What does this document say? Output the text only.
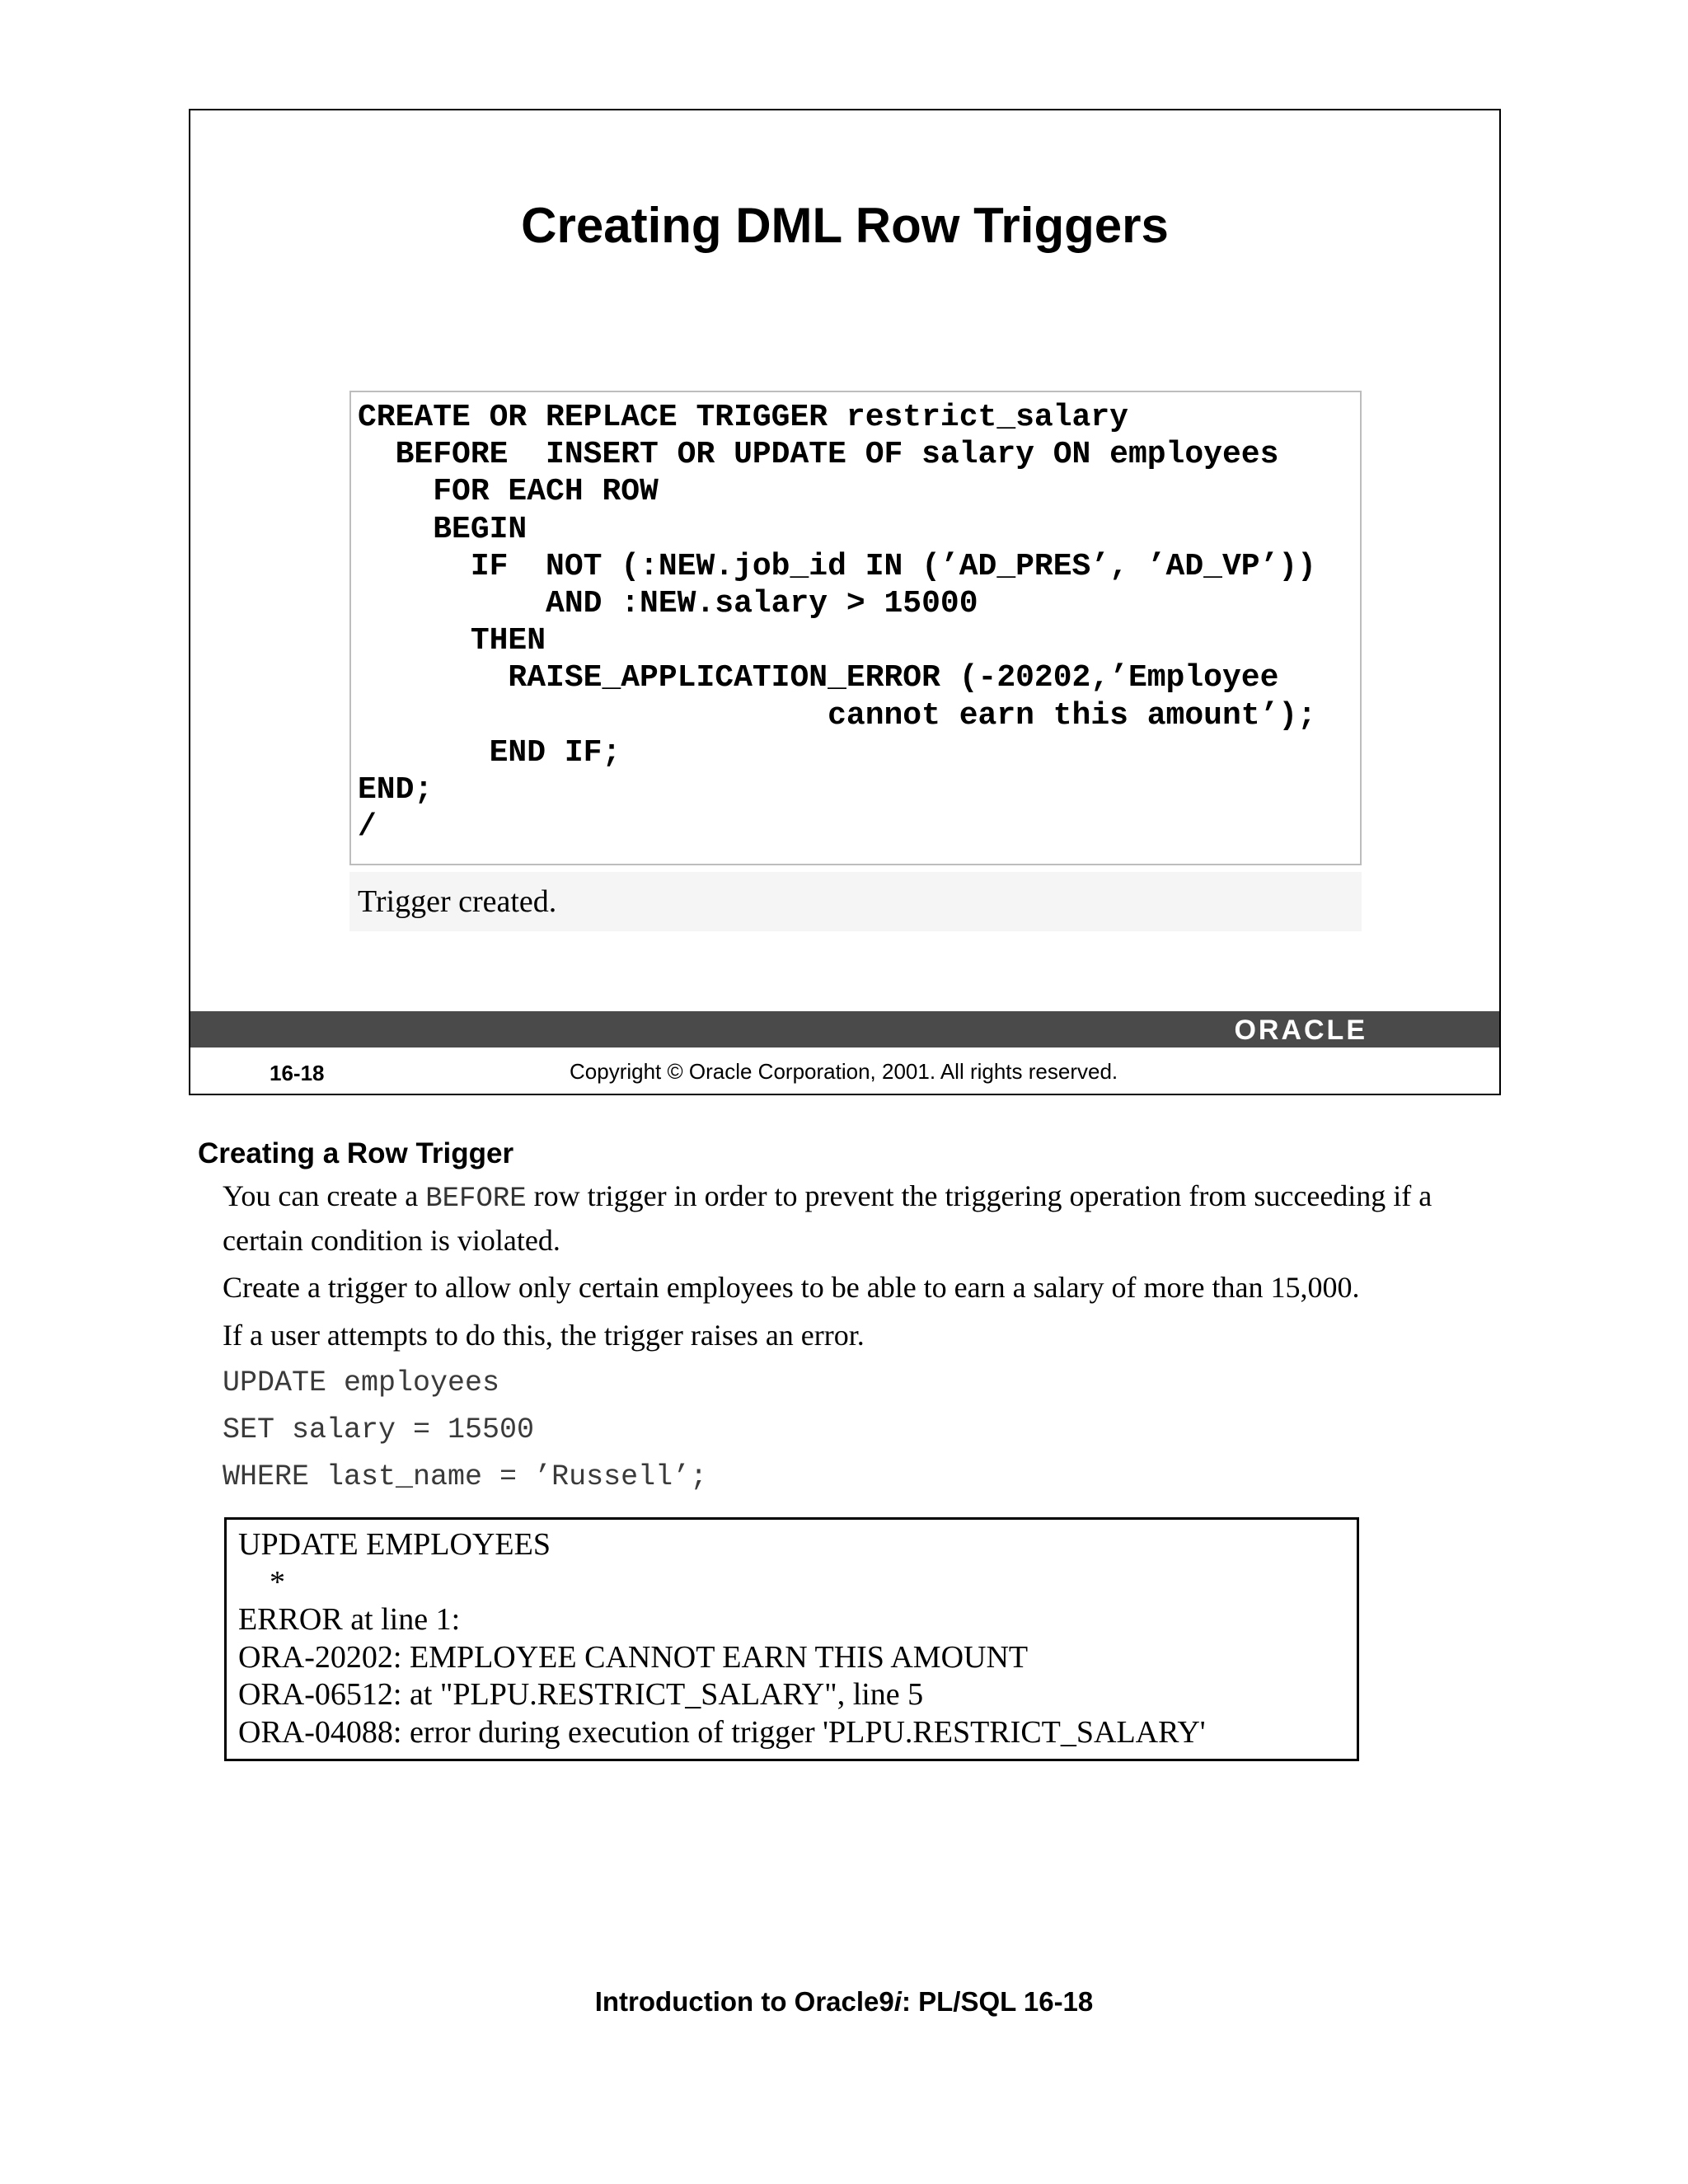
Creating DML Row Triggers
CREATE OR REPLACE TRIGGER restrict_salary
BEFORE  INSERT OR UPDATE OF salary ON employees
FOR EACH ROW
BEGIN
IF  NOT (:NEW.job_id IN (’AD_PRES’, ’AD_VP’))
AND :NEW.salary > 15000
THEN
RAISE_APPLICATION_ERROR (-20202,’Employee
cannot earn this amount’);
END IF;
END;
/
Trigger created.
ORACLE
16-18	Copyright © Oracle Corporation, 2001. All rights reserved.
Creating a Row Trigger
You can create a BEFORE row trigger in order to prevent the triggering operation from succeeding if a certain condition is violated.
Create a trigger to allow only certain employees to be able to earn a salary of more than 15,000.
If a user attempts to do this, the trigger raises an error.
UPDATE employees
SET salary = 15500
WHERE last_name = ’Russell’;
UPDATE EMPLOYEES
*
ERROR at line 1:
ORA-20202: EMPLOYEE CANNOT EARN THIS AMOUNT
ORA-06512: at "PLPU.RESTRICT_SALARY", line 5
ORA-04088: error during execution of trigger 'PLPU.RESTRICT_SALARY'
Introduction to Oracle9i: PL/SQL 16-18
